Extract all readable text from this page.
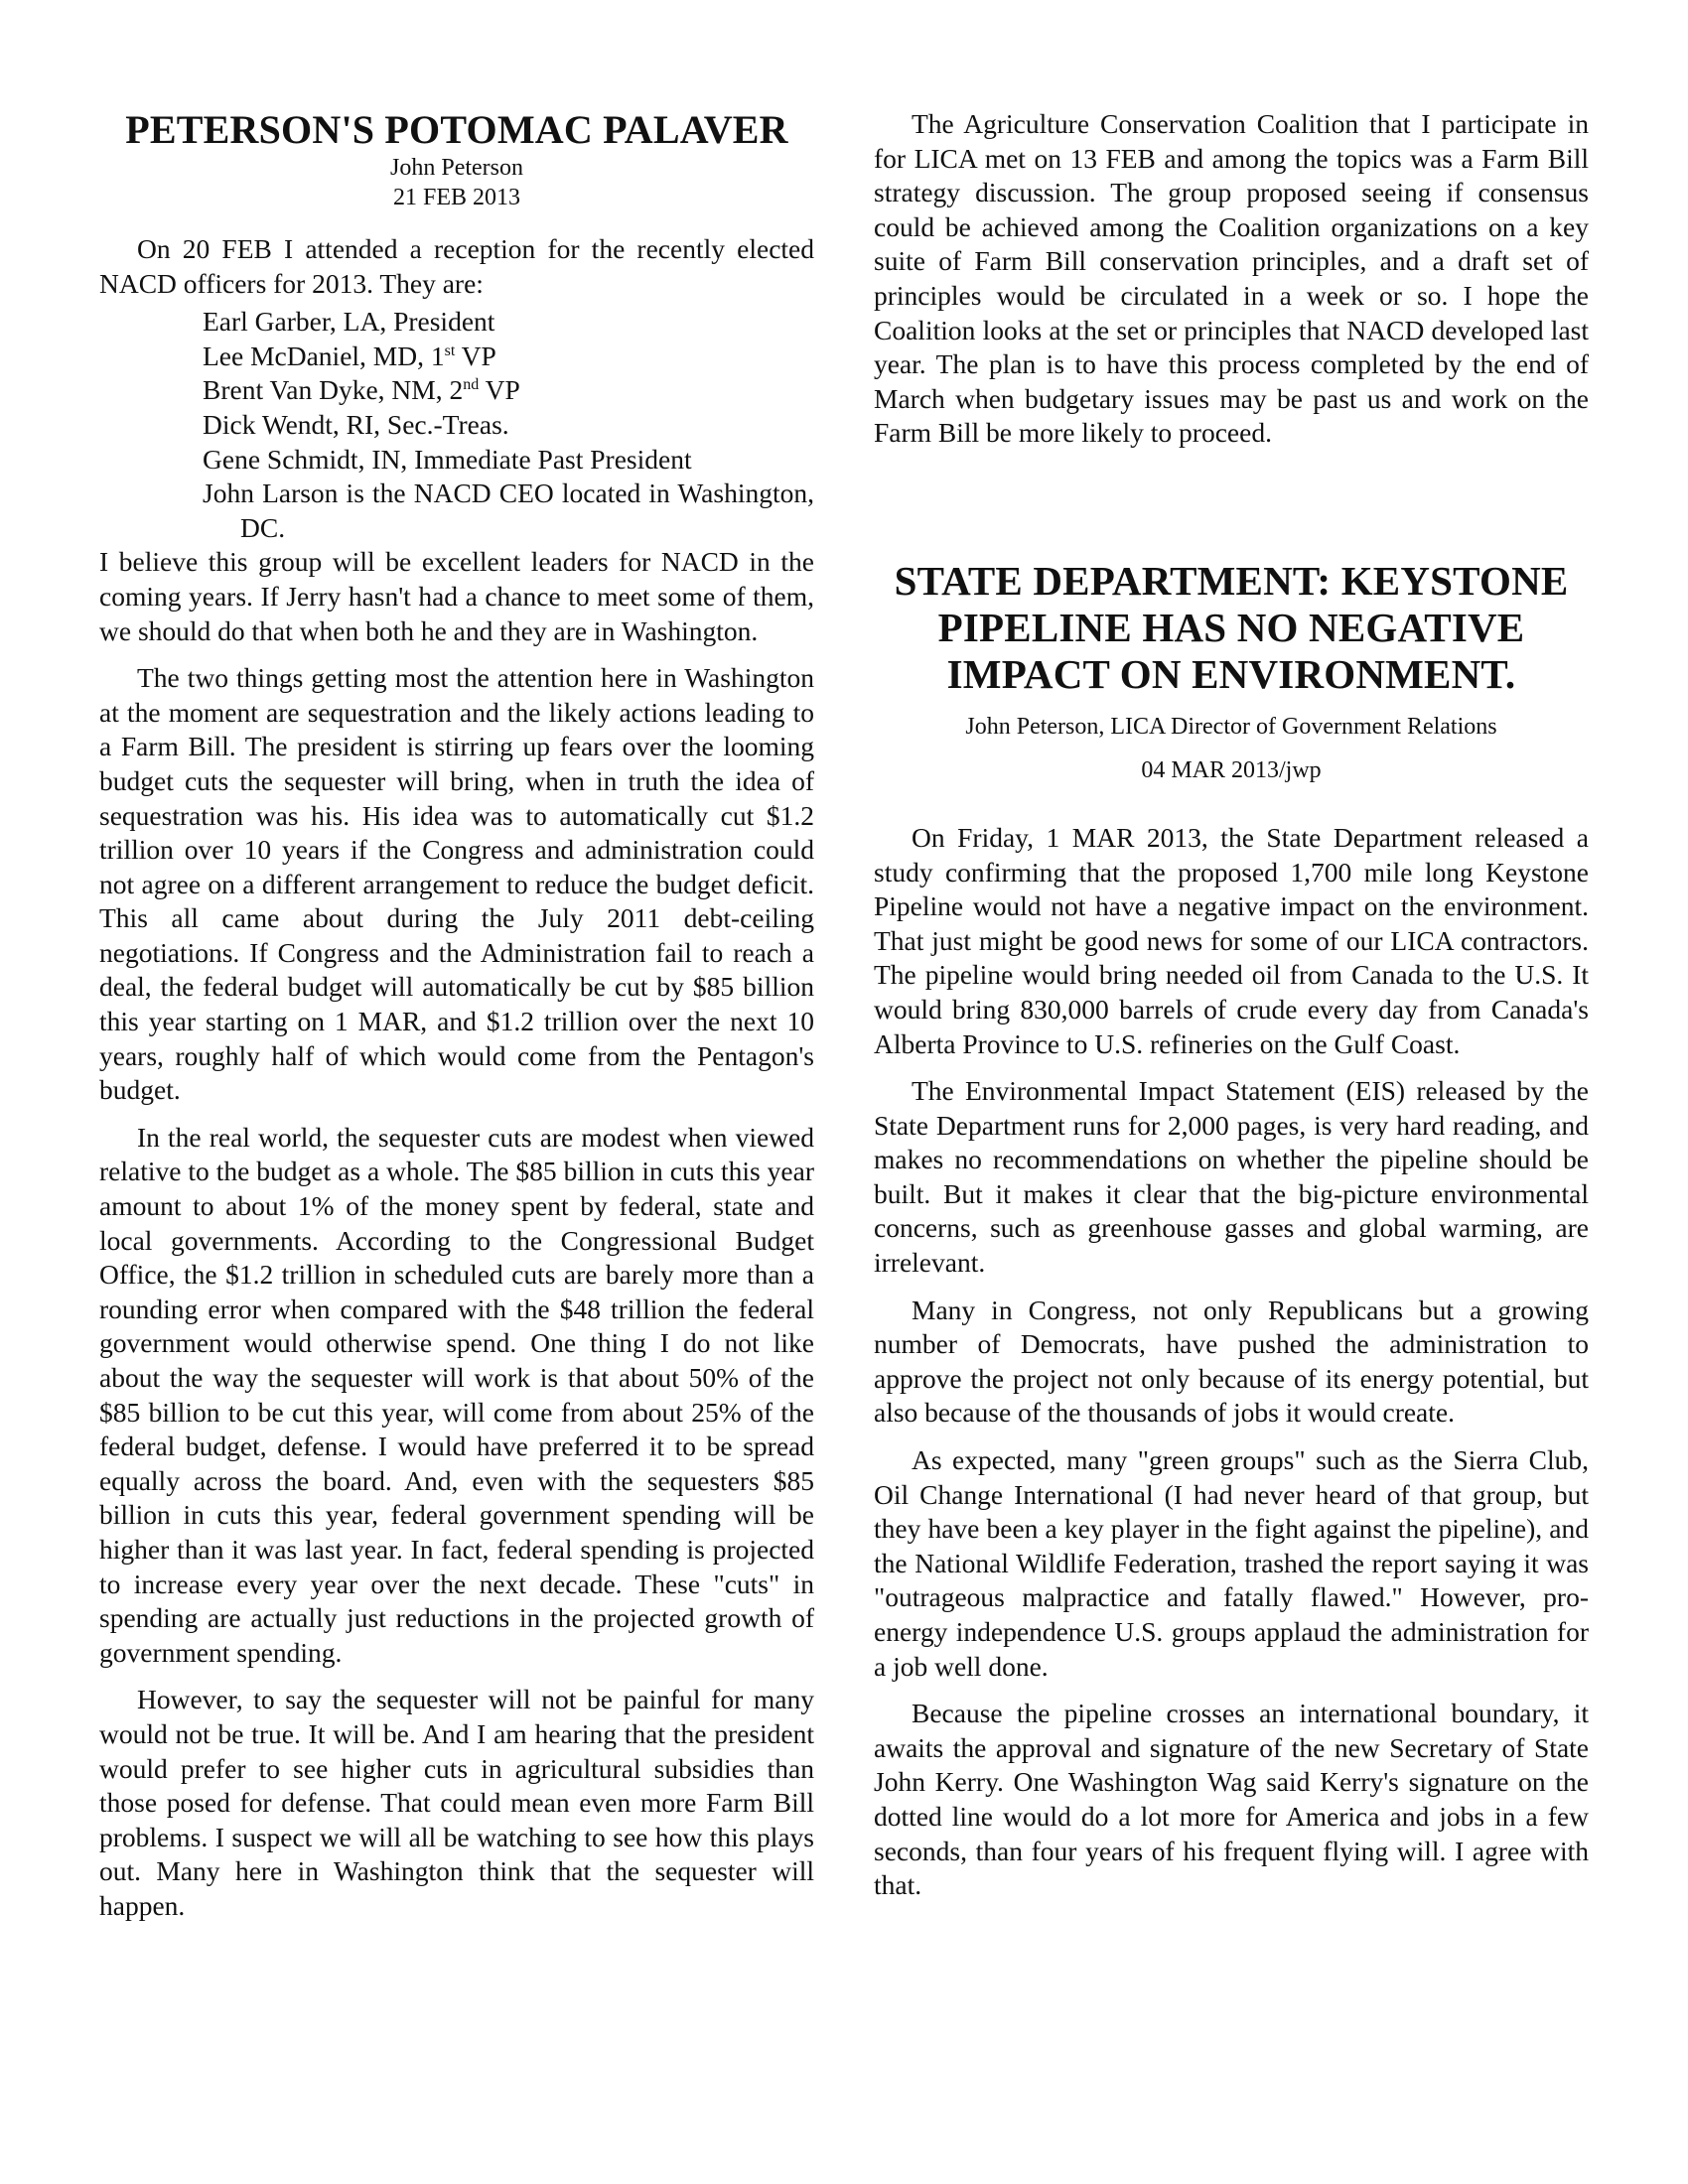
PETERSON'S POTOMAC PALAVER
John Peterson
21 FEB 2013

On 20 FEB I attended a reception for the recently elected NACD officers for 2013. They are:

Earl Garber, LA, President
Lee McDaniel, MD, 1st VP
Brent Van Dyke, NM, 2nd VP
Dick Wendt, RI, Sec.-Treas.
Gene Schmidt, IN, Immediate Past President
John Larson is the NACD CEO located in Washington, DC.

I believe this group will be excellent leaders for NACD in the coming years. If Jerry hasn't had a chance to meet some of them, we should do that when both he and they are in Washington.

The two things getting most the attention here in Washington at the moment are sequestration and the likely actions leading to a Farm Bill. The president is stirring up fears over the looming budget cuts the sequester will bring, when in truth the idea of sequestration was his. His idea was to automatically cut $1.2 trillion over 10 years if the Congress and administration could not agree on a different arrangement to reduce the budget deficit. This all came about during the July 2011 debt-ceiling negotiations. If Congress and the Administration fail to reach a deal, the federal budget will automatically be cut by $85 billion this year starting on 1 MAR, and $1.2 trillion over the next 10 years, roughly half of which would come from the Pentagon's budget.

In the real world, the sequester cuts are modest when viewed relative to the budget as a whole. The $85 billion in cuts this year amount to about 1% of the money spent by federal, state and local governments. According to the Congressional Budget Office, the $1.2 trillion in scheduled cuts are barely more than a rounding error when compared with the $48 trillion the federal government would otherwise spend. One thing I do not like about the way the sequester will work is that about 50% of the $85 billion to be cut this year, will come from about 25% of the federal budget, defense. I would have preferred it to be spread equally across the board. And, even with the sequesters $85 billion in cuts this year, federal government spending will be higher than it was last year. In fact, federal spending is projected to increase every year over the next decade. These "cuts" in spending are actually just reductions in the projected growth of government spending.

However, to say the sequester will not be painful for many would not be true. It will be. And I am hearing that the president would prefer to see higher cuts in agricultural subsidies than those posed for defense. That could mean even more Farm Bill problems. I suspect we will all be watching to see how this plays out. Many here in Washington think that the sequester will happen.

The Agriculture Conservation Coalition that I participate in for LICA met on 13 FEB and among the topics was a Farm Bill strategy discussion. The group proposed seeing if consensus could be achieved among the Coalition organizations on a key suite of Farm Bill conservation principles, and a draft set of principles would be circulated in a week or so. I hope the Coalition looks at the set or principles that NACD developed last year. The plan is to have this process completed by the end of March when budgetary issues may be past us and work on the Farm Bill be more likely to proceed.

STATE DEPARTMENT: KEYSTONE PIPELINE HAS NO NEGATIVE IMPACT ON ENVIRONMENT.
John Peterson, LICA Director of Government Relations
04 MAR 2013/jwp

On Friday, 1 MAR 2013, the State Department released a study confirming that the proposed 1,700 mile long Keystone Pipeline would not have a negative impact on the environment. That just might be good news for some of our LICA contractors. The pipeline would bring needed oil from Canada to the U.S. It would bring 830,000 barrels of crude every day from Canada's Alberta Province to U.S. refineries on the Gulf Coast.

The Environmental Impact Statement (EIS) released by the State Department runs for 2,000 pages, is very hard reading, and makes no recommendations on whether the pipeline should be built. But it makes it clear that the big-picture environmental concerns, such as greenhouse gasses and global warming, are irrelevant.

Many in Congress, not only Republicans but a growing number of Democrats, have pushed the administration to approve the project not only because of its energy potential, but also because of the thousands of jobs it would create.

As expected, many "green groups" such as the Sierra Club, Oil Change International (I had never heard of that group, but they have been a key player in the fight against the pipeline), and the National Wildlife Federation, trashed the report saying it was "outrageous malpractice and fatally flawed." However, pro-energy independence U.S. groups applaud the administration for a job well done.

Because the pipeline crosses an international boundary, it awaits the approval and signature of the new Secretary of State John Kerry. One Washington Wag said Kerry's signature on the dotted line would do a lot more for America and jobs in a few seconds, than four years of his frequent flying will. I agree with that.
